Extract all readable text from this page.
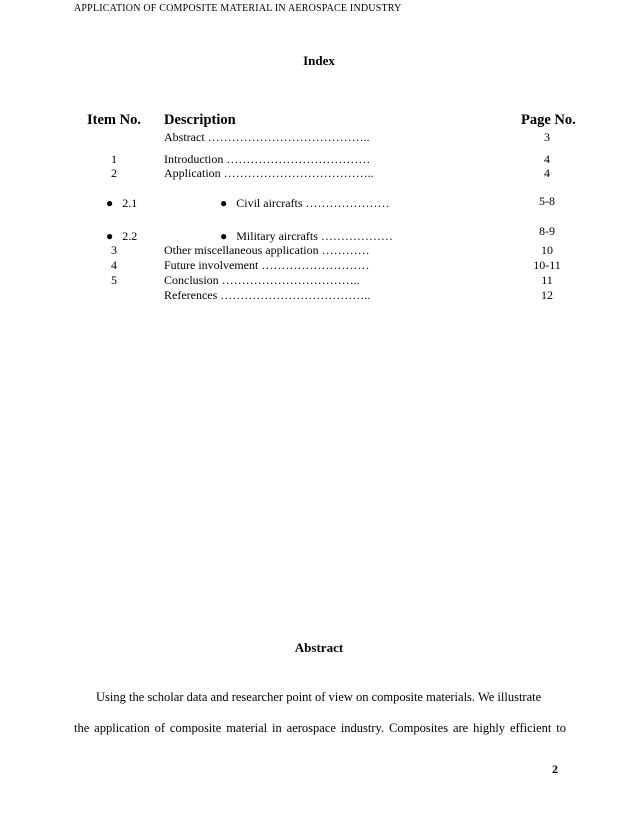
APPLICATION OF COMPOSITE MATERIAL IN AEROSPACE INDUSTRY
Index
Item No. Description	Page No.
Abstract …………………………………..	3
1	Introduction ………………………………	4
2	Application ………………………………..	4
● 2.1	● Civil aircrafts …………………	5-8
● 2.2	● Military aircrafts ………………	8-9
3	Other miscellaneous application …………	10
4	Future involvement ………………………	10-11
5	Conclusion ……………………………..	11
References ………………………………..	12
Abstract
Using the scholar data and researcher point of view on composite materials. We illustrate
the application of composite material in aerospace industry. Composites are highly efficient to
2
